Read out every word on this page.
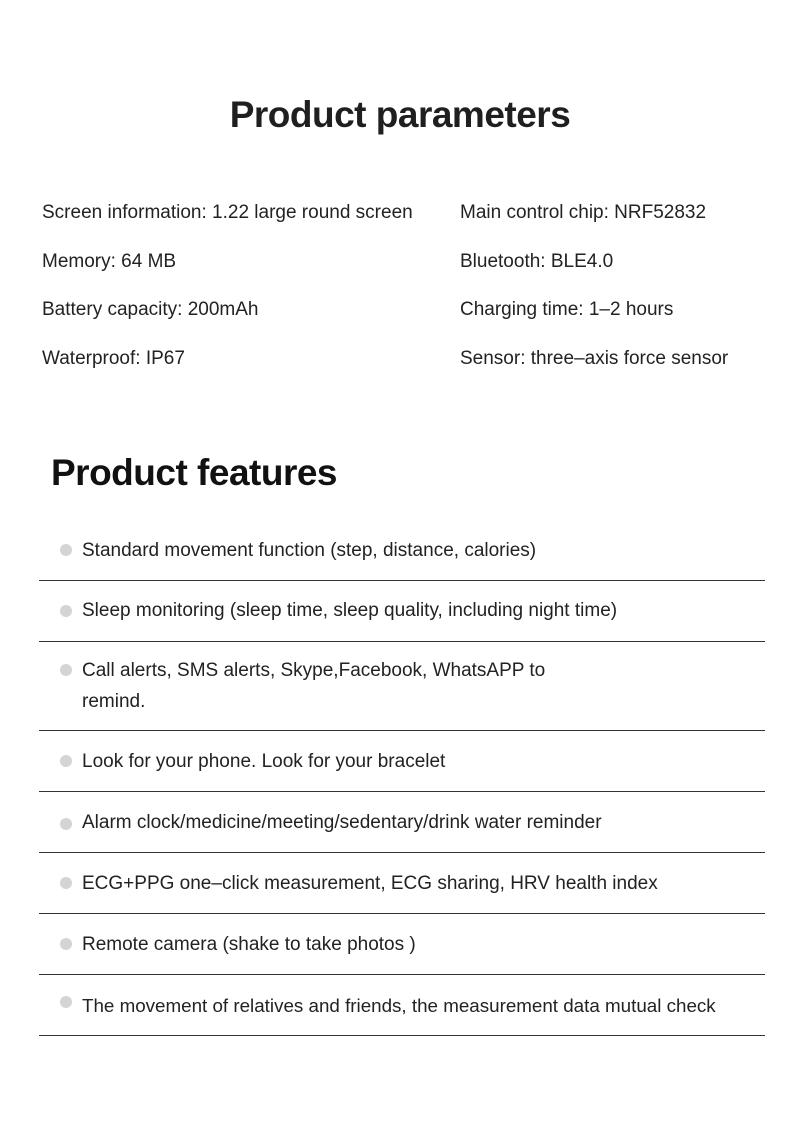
Product parameters
Screen information: 1.22 large round screen
Memory: 64 MB
Battery capacity: 200mAh
Waterproof: IP67
Main control chip: NRF52832
Bluetooth: BLE4.0
Charging time: 1–2 hours
Sensor: three–axis force sensor
Product features
Standard movement function (step, distance, calories)
Sleep monitoring (sleep time, sleep quality, including night time)
Call alerts, SMS alerts, Skype,Facebook, WhatsAPP to
remind.
Look for your phone. Look for your bracelet
Alarm clock/medicine/meeting/sedentary/drink water reminder
ECG+PPG one–click measurement, ECG sharing, HRV health index
Remote camera (shake to take photos )
The movement of relatives and friends, the measurement data mutual check
